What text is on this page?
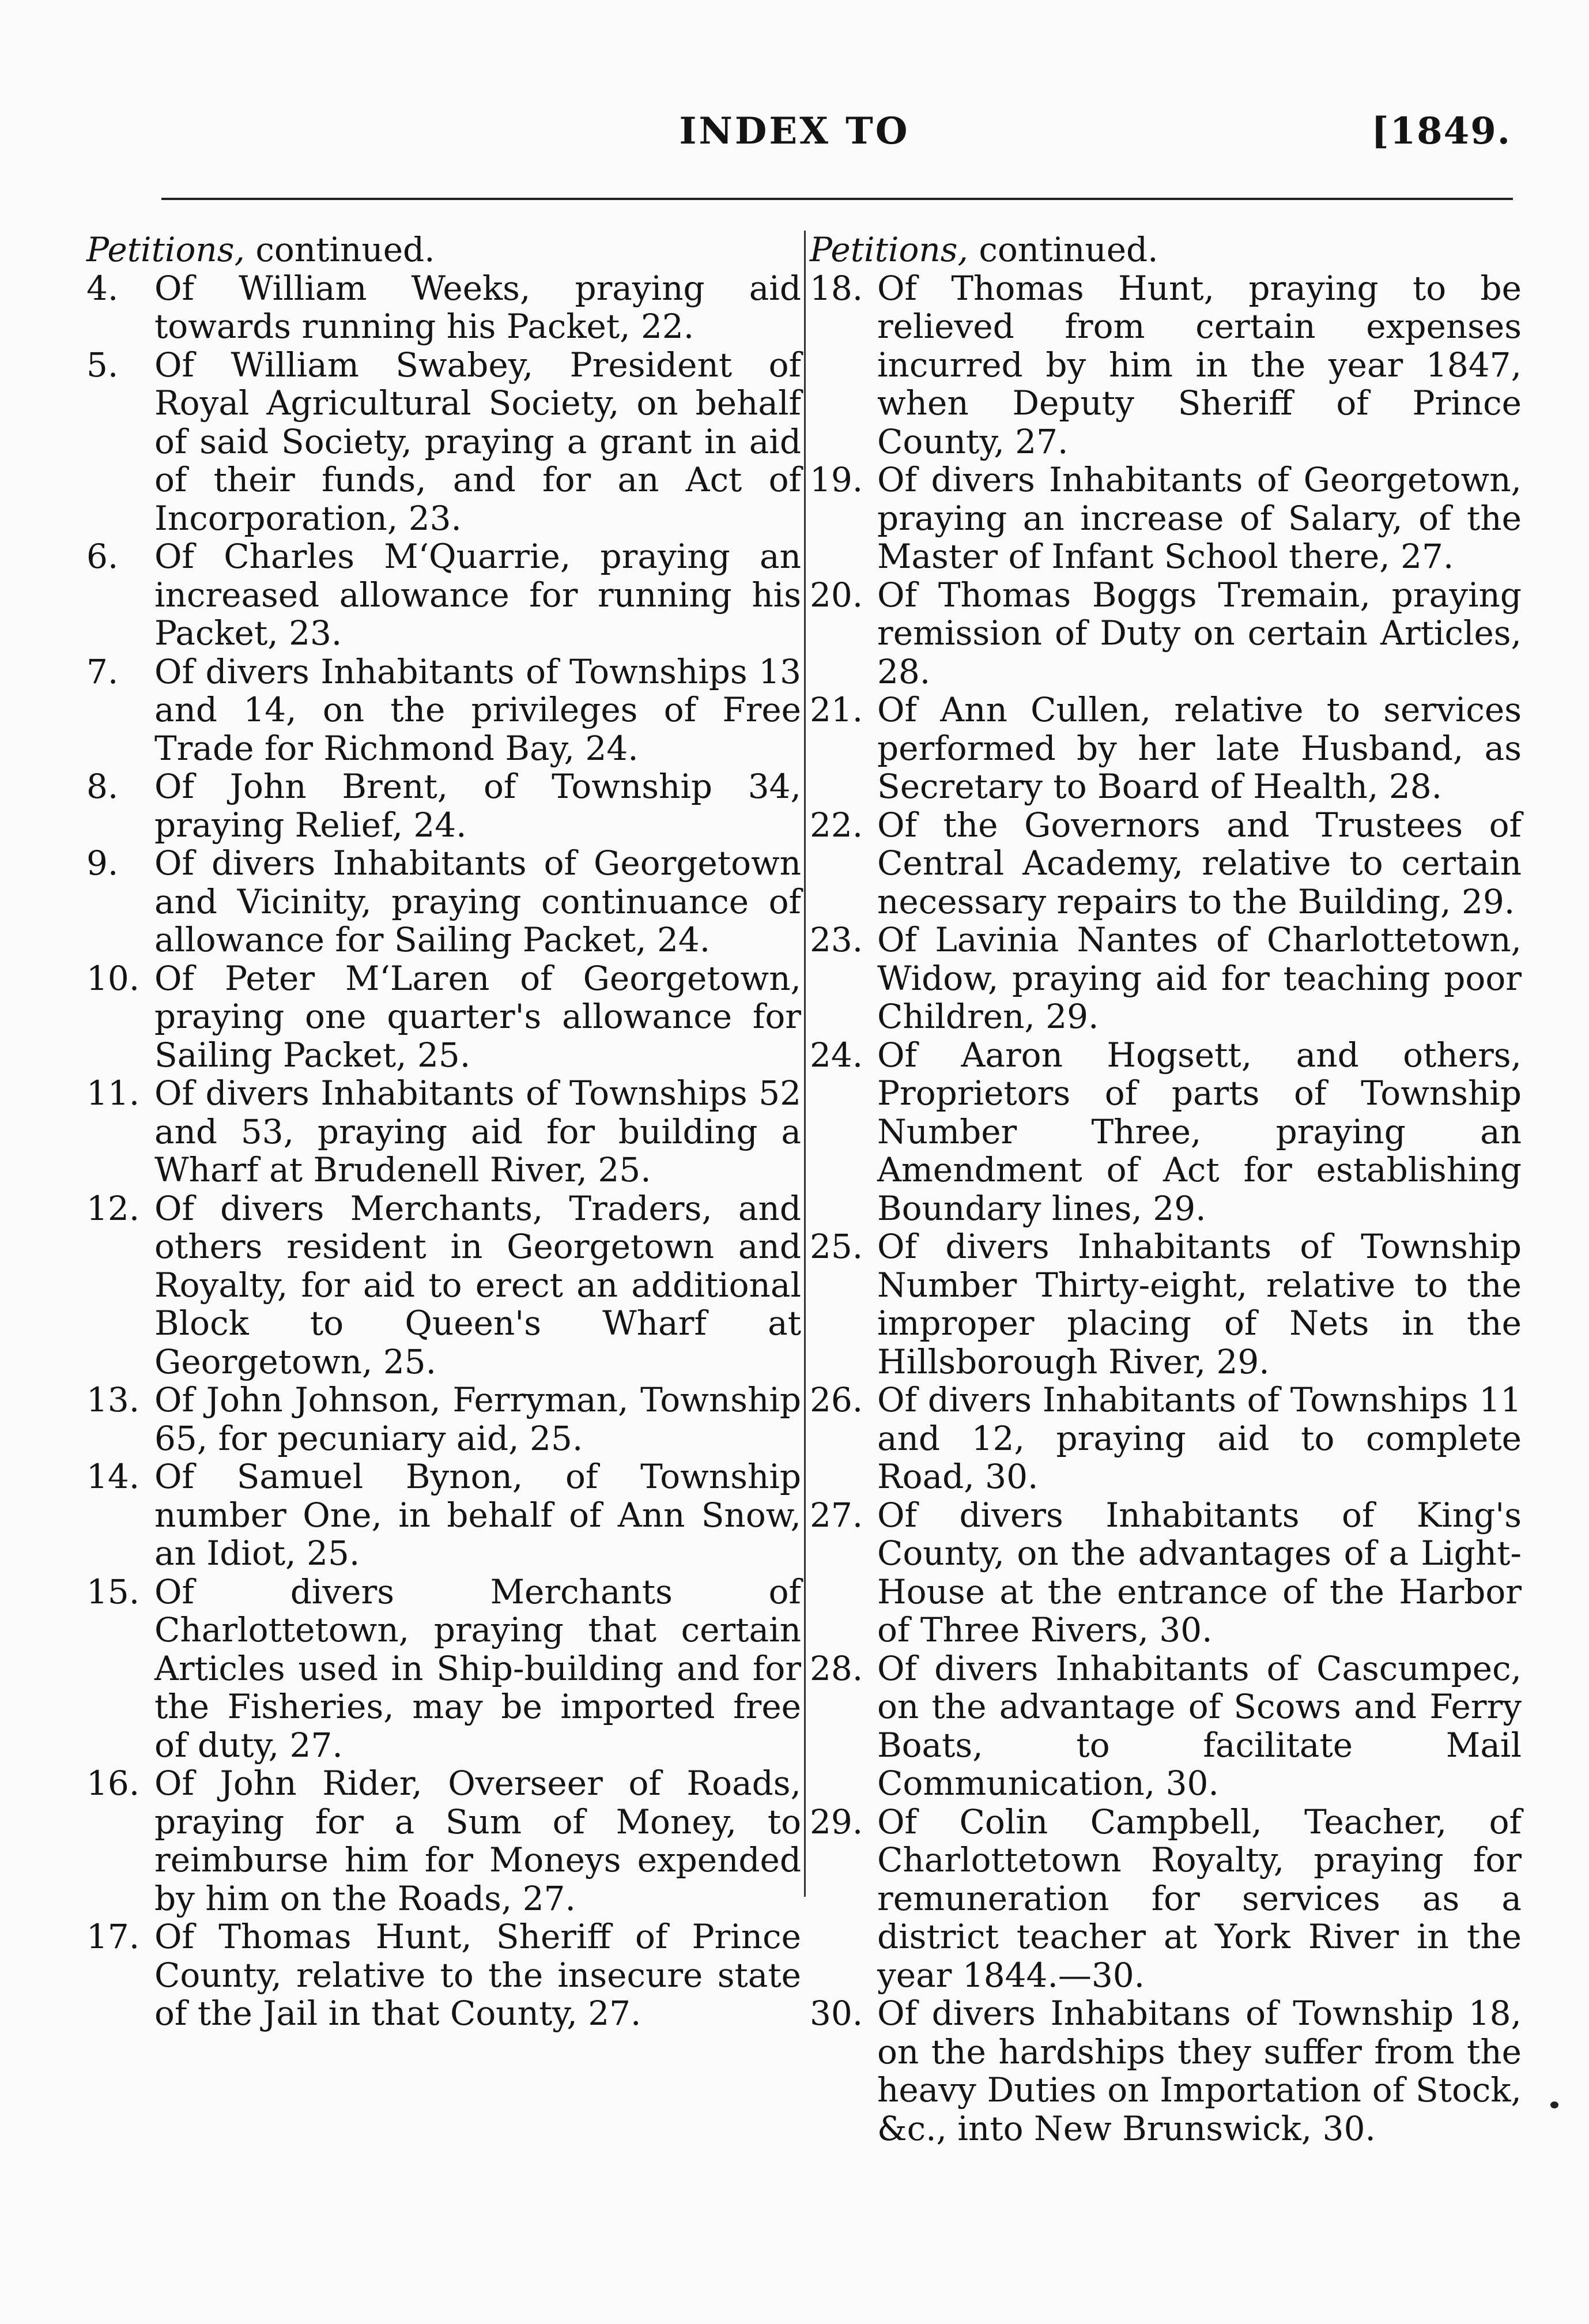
INDEX TO	[1849.
Petitions, continued.
4.	Of William Weeks, praying aid towards running his Packet, 22.
5.	Of William Swabey, President of Royal Agricultural Society, on behalf of said Society, praying a grant in aid of their funds, and for an Act of Incorporation, 23.
6.	Of Charles M‘Quarrie, praying an increased allowance for running his Packet, 23.
7.	Of divers Inhabitants of Townships 13 and 14, on the privileges of Free Trade for Richmond Bay, 24.
8.	Of John Brent, of Township 34, praying Relief, 24.
9.	Of divers Inhabitants of Georgetown and Vicinity, praying continuance of allowance for Sailing Packet, 24.
10. Of Peter M‘Laren of Georgetown, praying one quarter's allowance for Sailing Packet, 25.
11. Of divers Inhabitants of Townships 52 and 53, praying aid for building a Wharf at Brudenell River, 25.
12. Of divers Merchants, Traders, and others resident in Georgetown and Royalty, for aid to erect an additional Block to Queen's Wharf at Georgetown, 25.
13. Of John Johnson, Ferryman, Township 65, for pecuniary aid, 25.
14. Of Samuel Bynon, of Township number One, in behalf of Ann Snow, an Idiot, 25.
15. Of divers Merchants of Charlottetown, praying that certain Articles used in Ship-building and for the Fisheries, may be imported free of duty, 27.
16. Of John Rider, Overseer of Roads, praying for a Sum of Money, to reimburse him for Moneys expended by him on the Roads, 27.
17. Of Thomas Hunt, Sheriff of Prince County, relative to the insecure state of the Jail in that County, 27.
Petitions, continued.
18. Of Thomas Hunt, praying to be relieved from certain expenses incurred by him in the year 1847, when Deputy Sheriff of Prince County, 27.
19. Of divers Inhabitants of Georgetown, praying an increase of Salary, of the Master of Infant School there, 27.
20. Of Thomas Boggs Tremain, praying remission of Duty on certain Articles, 28.
21. Of Ann Cullen, relative to services performed by her late Husband, as Secretary to Board of Health, 28.
22. Of the Governors and Trustees of Central Academy, relative to certain necessary repairs to the Building, 29.
23. Of Lavinia Nantes of Charlottetown, Widow, praying aid for teaching poor Children, 29.
24. Of Aaron Hogsett, and others, Proprietors of parts of Township Number Three, praying an Amendment of Act for establishing Boundary lines, 29.
25. Of divers Inhabitants of Township Number Thirty-eight, relative to the improper placing of Nets in the Hillsborough River, 29.
26. Of divers Inhabitants of Townships 11 and 12, praying aid to complete Road, 30.
27. Of divers Inhabitants of King's County, on the advantages of a Light-House at the entrance of the Harbor of Three Rivers, 30.
28. Of divers Inhabitants of Cascumpec, on the advantage of Scows and Ferry Boats, to facilitate Mail Communication, 30.
29. Of Colin Campbell, Teacher, of Charlottetown Royalty, praying for remuneration for services as a district teacher at York River in the year 1844.—30.
30. Of divers Inhabitans of Township 18, on the hardships they suffer from the heavy Duties on Importation of Stock, &c., into New Brunswick, 30.
